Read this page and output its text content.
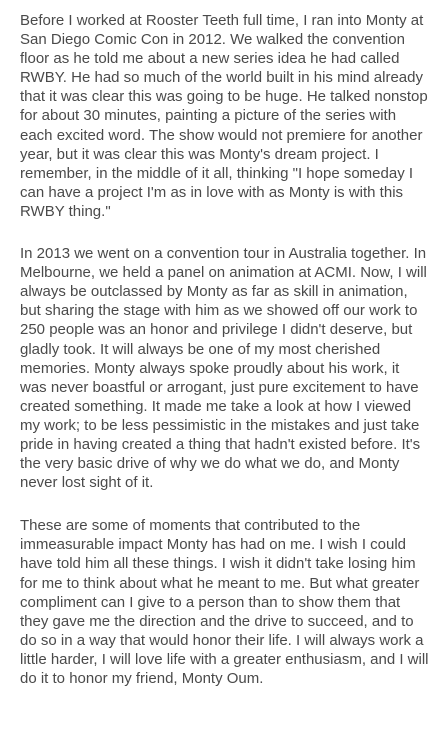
Before I worked at Rooster Teeth full time, I ran into Monty at
San Diego Comic Con in 2012. We walked the convention
floor as he told me about a new series idea he had called
RWBY. He had so much of the world built in his mind already
that it was clear this was going to be huge. He talked nonstop
for about 30 minutes, painting a picture of the series with
each excited word. The show would not premiere for another
year, but it was clear this was Monty's dream project. I
remember, in the middle of it all, thinking "I hope someday I
can have a project I'm as in love with as Monty is with this
RWBY thing."
In 2013 we went on a convention tour in Australia together. In
Melbourne, we held a panel on animation at ACMI. Now, I will
always be outclassed by Monty as far as skill in animation,
but sharing the stage with him as we showed off our work to
250 people was an honor and privilege I didn't deserve, but
gladly took. It will always be one of my most cherished
memories. Monty always spoke proudly about his work, it
was never boastful or arrogant, just pure excitement to have
created something. It made me take a look at how I viewed
my work; to be less pessimistic in the mistakes and just take
pride in having created a thing that hadn't existed before. It's
the very basic drive of why we do what we do, and Monty
never lost sight of it.
These are some of moments that contributed to the
immeasurable impact Monty has had on me. I wish I could
have told him all these things. I wish it didn't take losing him
for me to think about what he meant to me. But what greater
compliment can I give to a person than to show them that
they gave me the direction and the drive to succeed, and to
do so in a way that would honor their life. I will always work a
little harder, I will love life with a greater enthusiasm, and I will
do it to honor my friend, Monty Oum.
